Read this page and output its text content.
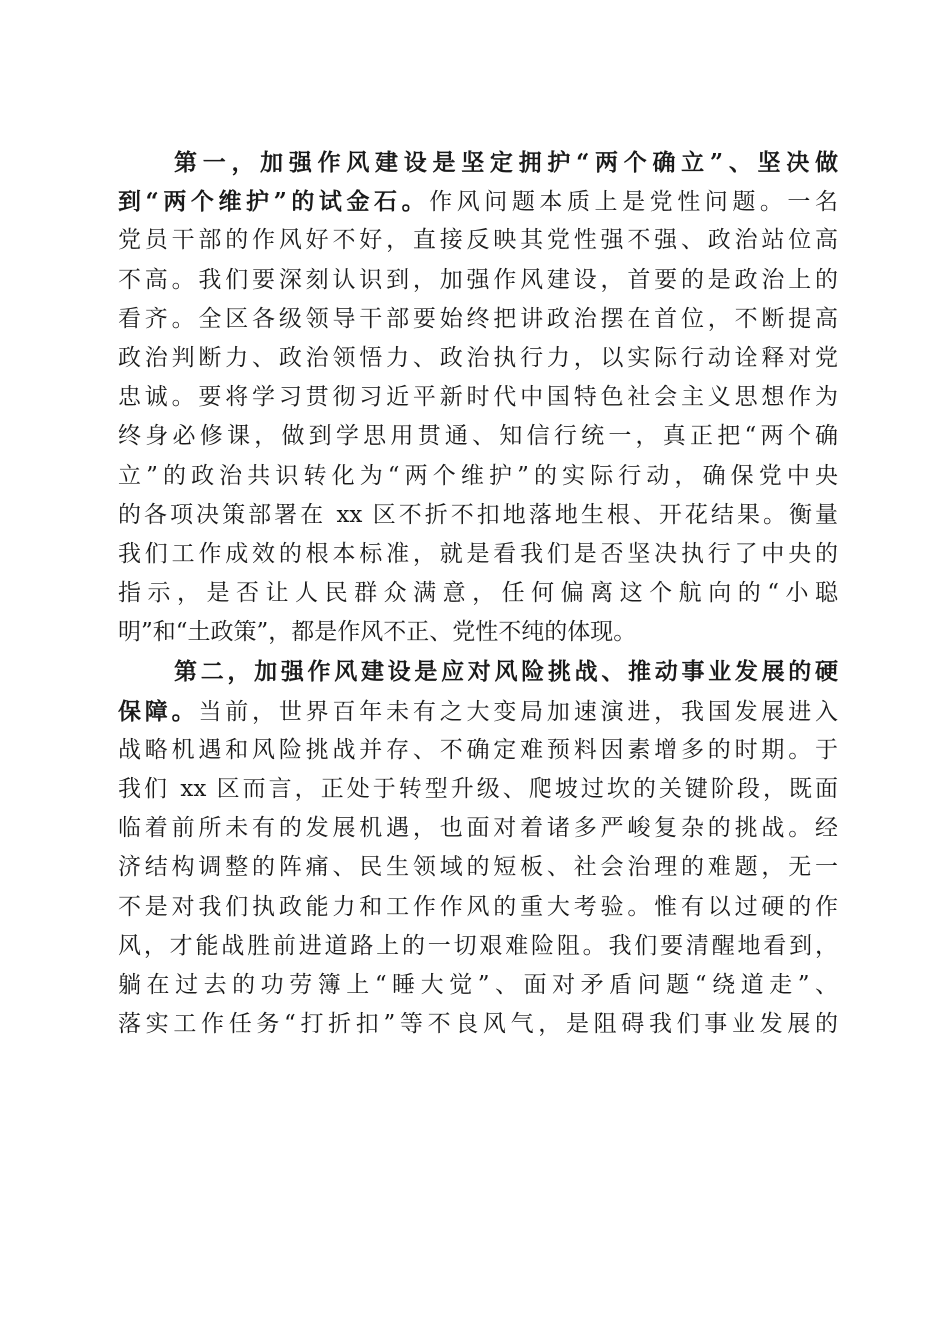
第一，加强作风建设是坚定拥护“两个确立”、坚决做
到“两个维护”的试金石。作风问题本质上是党性问题。一名
党员干部的作风好不好，直接反映其党性强不强、政治站位高
不高。我们要深刻认识到，加强作风建设，首要的是政治上的
看齐。全区各级领导干部要始终把讲政治摆在首位，不断提高
政治判断力、政治领悟力、政治执行力，以实际行动诠释对党
忠诚。要将学习贯彻习近平新时代中国特色社会主义思想作为
终身必修课，做到学思用贯通、知信行统一，真正把“两个确
立”的政治共识转化为“两个维护”的实际行动，确保党中央
的各项决策部署在 xx 区不折不扣地落地生根、开花结果。衡量
我们工作成效的根本标准，就是看我们是否坚决执行了中央的
指示，是否让人民群众满意，任何偏离这个航向的“小聪
明”和“土政策”，都是作风不正、党性不纯的体现。
第二，加强作风建设是应对风险挑战、推动事业发展的硬
保障。当前，世界百年未有之大变局加速演进，我国发展进入
战略机遇和风险挑战并存、不确定难预料因素增多的时期。于
我们 xx 区而言，正处于转型升级、爬坡过坎的关键阶段，既面
临着前所未有的发展机遇，也面对着诸多严峻复杂的挑战。经
济结构调整的阵痛、民生领域的短板、社会治理的难题，无一
不是对我们执政能力和工作作风的重大考验。惟有以过硬的作
风，才能战胜前进道路上的一切艰难险阻。我们要清醒地看到，
躺在过去的功劳簿上“睡大觉”、面对矛盾问题“绕道走”、
落实工作任务“打折扣”等不良风气，是阻碍我们事业发展的
